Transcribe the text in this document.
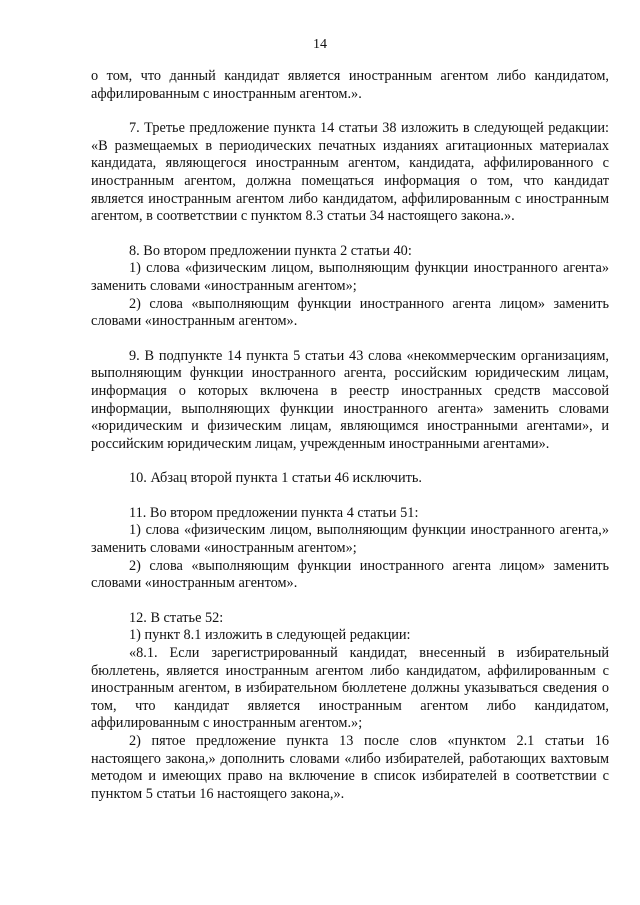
14

о том, что данный кандидат является иностранным агентом либо кандидатом, аффилированным с иностранным агентом.».

7. Третье предложение пункта 14 статьи 38 изложить в следующей редакции: «В размещаемых в периодических печатных изданиях агитационных материалах кандидата, являющегося иностранным агентом, кандидата, аффилированного с иностранным агентом, должна помещаться информация о том, что кандидат является иностранным агентом либо кандидатом, аффилированным с иностранным агентом, в соответствии с пунктом 8.3 статьи 34 настоящего закона.».

8. Во втором предложении пункта 2 статьи 40:

1) слова «физическим лицом, выполняющим функции иностранного агента» заменить словами «иностранным агентом»;

2) слова «выполняющим функции иностранного агента лицом» заменить словами «иностранным агентом».

9. В подпункте 14 пункта 5 статьи 43 слова «некоммерческим организациям, выполняющим функции иностранного агента, российским юридическим лицам, информация о которых включена в реестр иностранных средств массовой информации, выполняющих функции иностранного агента» заменить словами «юридическим и физическим лицам, являющимся иностранными агентами», и российским юридическим лицам, учрежденным иностранными агентами».

10. Абзац второй пункта 1 статьи 46 исключить.

11. Во втором предложении пункта 4 статьи 51:

1) слова «физическим лицом, выполняющим функции иностранного агента,» заменить словами «иностранным агентом»;

2) слова «выполняющим функции иностранного агента лицом» заменить словами «иностранным агентом».

12. В статье 52:

1) пункт 8.1 изложить в следующей редакции:

«8.1. Если зарегистрированный кандидат, внесенный в избирательный бюллетень, является иностранным агентом либо кандидатом, аффилированным с иностранным агентом, в избирательном бюллетене должны указываться сведения о том, что кандидат является иностранным агентом либо кандидатом, аффилированным с иностранным агентом.»;

2) пятое предложение пункта 13 после слов «пунктом 2.1 статьи 16 настоящего закона,» дополнить словами «либо избирателей, работающих вахтовым методом и имеющих право на включение в список избирателей в соответствии с пунктом 5 статьи 16 настоящего закона,».
